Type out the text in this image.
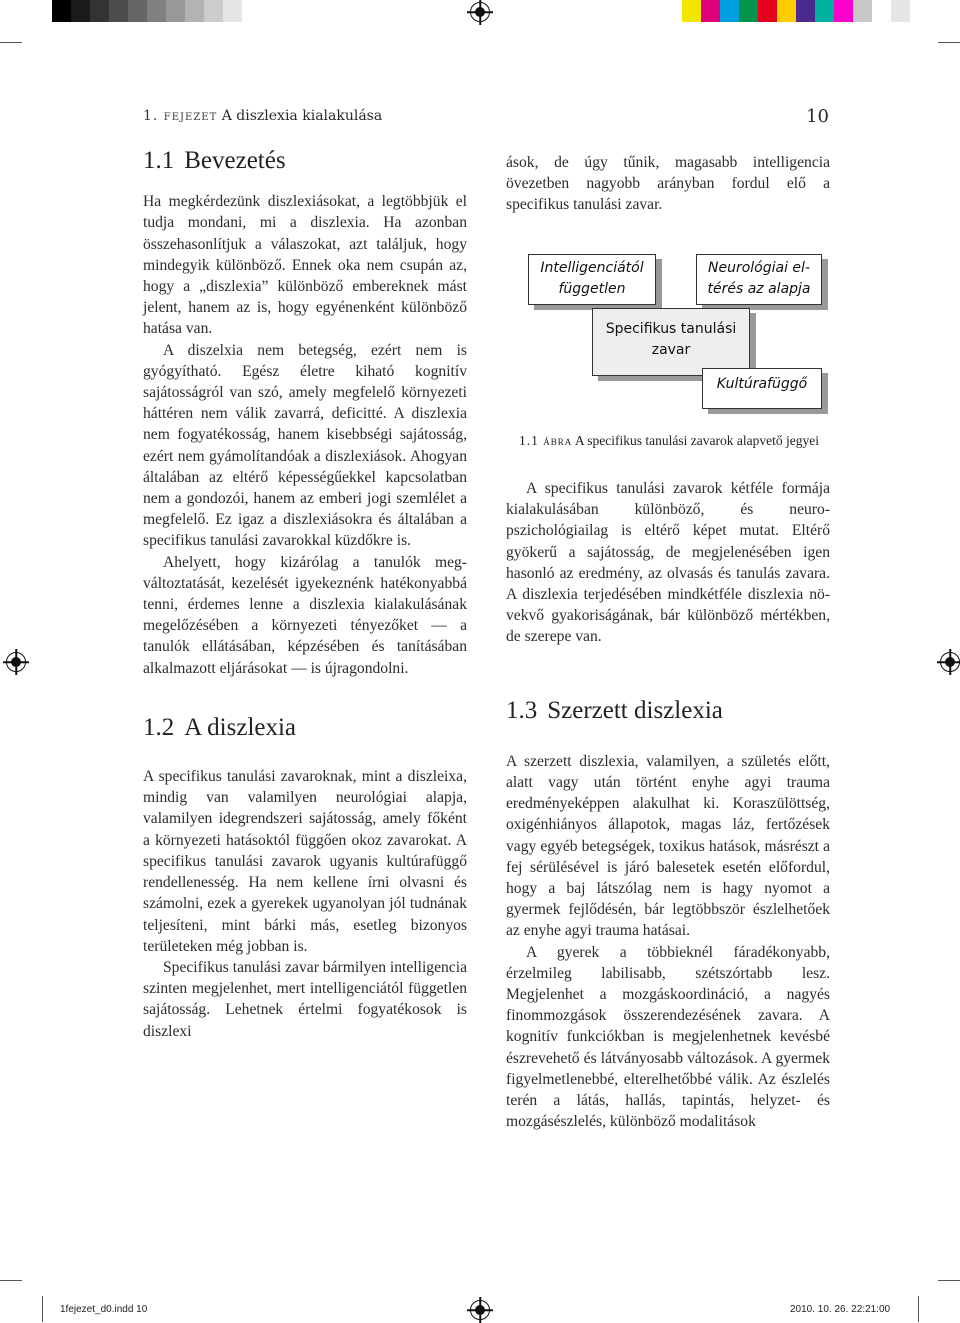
1. fejezet A diszlexia kialakulása	10
1.1 Bevezetés

Ha megkérdezünk diszlexiásokat, a legtöbbjük el tudja mondani, mi a diszlexia. Ha azonban összehasonlítjuk a válaszokat, azt találjuk, hogy mindegyik különböző. Ennek oka nem csupán az, hogy a „diszlexia” különböző embereknek mást jelent, hanem az is, hogy egyénenként különböző hatása van.

A diszelxia nem betegség, ezért nem is gyógyítható. Egész életre kiható kognitív sajátosságról van szó, amely megfelelő környezeti háttéren nem válik zavarrá, deficitté. A diszlexia nem fogyatékosság, hanem kisebbségi sajátosság, ezért nem gyámolítandóak a diszlexiások. Ahogyan általában az eltérő képességűekkel kapcsolatban nem a gondozói, hanem az emberi jogi szemlélet a megfelelő. Ez igaz a diszlexiásokra és általában a specifikus tanulási zavarokkal küzdőkre is.

Ahelyett, hogy kizárólag a tanulók megváltoztatását, kezelését igyekeznénk hatékonyabbá tenni, érdemes lenne a diszlexia kialakulásának megelőzésében a környezeti tényezőket — a tanulók ellátásában, képzésében és tanításában alkalmazott eljárásokat — is újragondolni.

1.2 A diszlexia

A specifikus tanulási zavaroknak, mint a diszleixa, mindig van valamilyen neurológiai alapja, valamilyen idegrendszeri sajátosság, amely főként a környezeti hatásoktól függően okoz zavarokat. A specifikus tanulási zavarok ugyanis kultúrafüggő rendellenesség. Ha nem kellene írni olvasni és számolni, ezek a gyerekek ugyanolyan jól tudnának teljesíteni, mint bárki más, esetleg bizonyos területeken még jobban is.

Specifikus tanulási zavar bármilyen intelligencia szinten megjelenhet, mert intelligenciától független sajátosság. Lehetnek értelmi fogyatékosok is diszlexi

ások, de úgy tűnik, magasabb intelligencia övezetben nagyobb arányban fordul elő a specifikus tanulási zavar.

Intelligenciától független
Neurológiai eltérés az alapja
Specifikus tanulási zavar
Kultúrafüggő
1.1 ábra A specifikus tanulási zavarok alapvető jegyei

A specifikus tanulási zavarok kétféle formája kialakulásában különböző, és neuro-pszichológiailag is eltérő képet mutat. Eltérő gyökerű a sajátosság, de megjelenésében igen hasonló az eredmény, az olvasás és tanulás zavara. A diszlexia terjedésében mindkétféle diszlexia növekvő gyakoriságának, bár különböző mértékben, de szerepe van.

1.3 Szerzett diszlexia

A szerzett diszlexia, valamilyen, a születés előtt, alatt vagy után történt enyhe agyi trauma eredményeképpen alakulhat ki. Koraszülöttség, oxigénhiányos állapotok, magas láz, fertőzések vagy egyéb betegségek, toxikus hatások, másrészt a fej sérülésével is járó balesetek esetén előfordul, hogy a baj látszólag nem is hagy nyomot a gyermek fejlődésén, bár legtöbbször észlelhetőek az enyhe agyi trauma hatásai.

A gyerek a többieknél fáradékonyabb, érzelmileg labilisabb, szétszórtabb lesz. Megjelenhet a mozgáskoordináció, a nagyés finommozgások összerendezésének zavara. A kognitív funkciókban is megjelenhetnek kevésbé észrevehető és látványosabb változások. A gyermek figyelmetlenebbé, elterelhetőbbé válik. Az észlelés terén a látás, hallás, tapintás, helyzet- és mozgásészlelés, különböző modalitások

1fejezet_d0.indd 10	2010. 10. 26. 22:21:00
